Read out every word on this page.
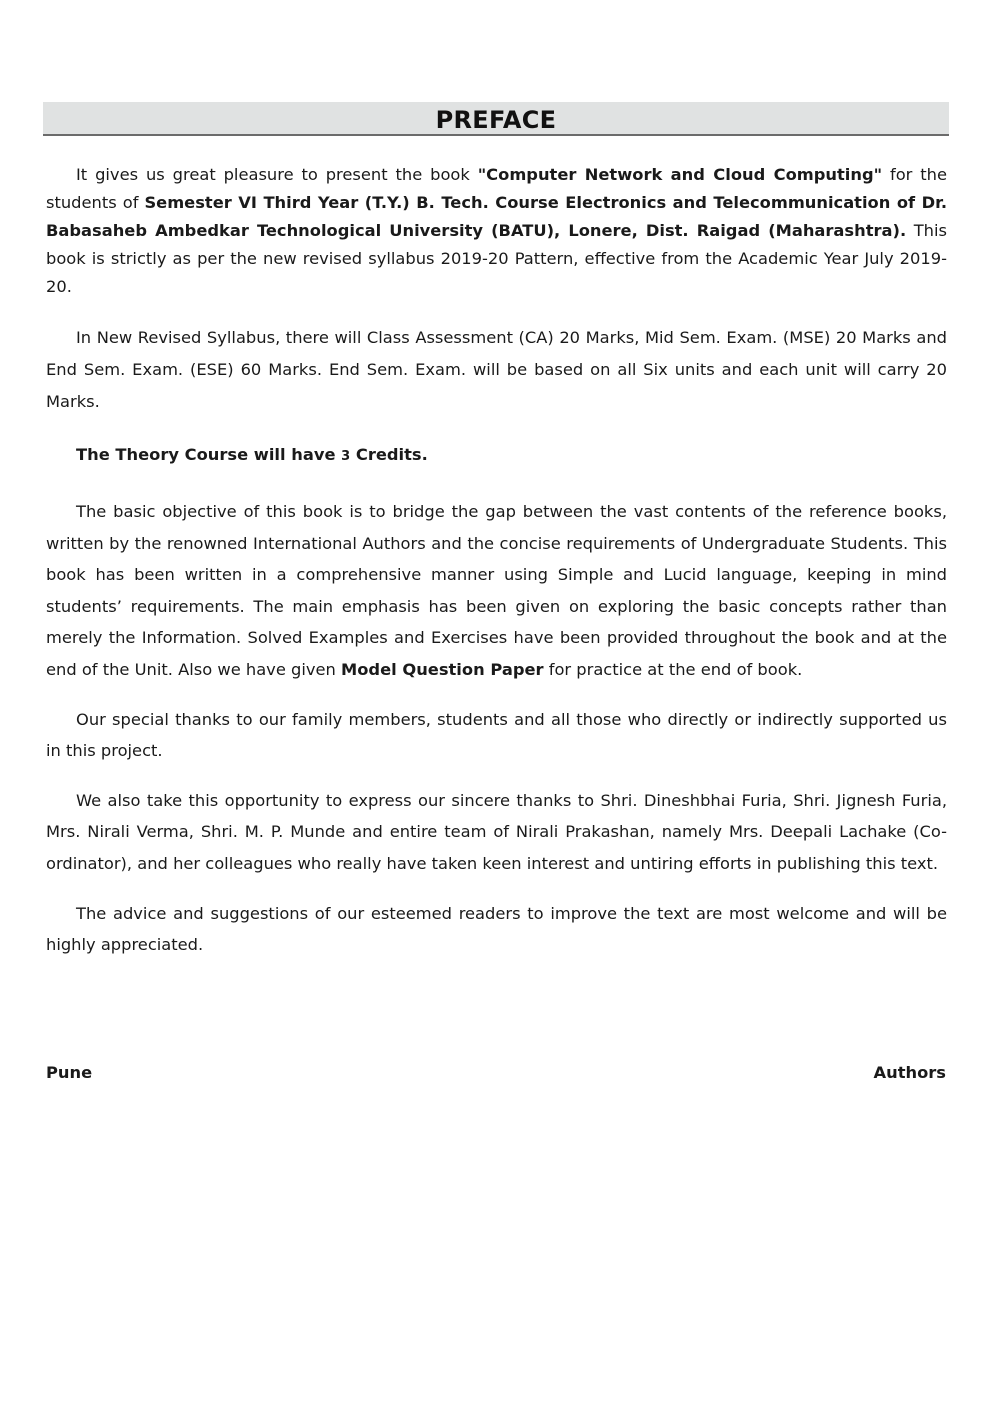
PREFACE

It gives us great pleasure to present the book "Computer Network and Cloud Computing" for the students of Semester VI Third Year (T.Y.) B. Tech. Course Electronics and Telecommunication of Dr. Babasaheb Ambedkar Technological University (BATU), Lonere, Dist. Raigad (Maharashtra). This book is strictly as per the new revised syllabus 2019-20 Pattern, effective from the Academic Year July 2019-20.

In New Revised Syllabus, there will Class Assessment (CA) 20 Marks, Mid Sem. Exam. (MSE) 20 Marks and End Sem. Exam. (ESE) 60 Marks. End Sem. Exam. will be based on all Six units and each unit will carry 20 Marks.

The Theory Course will have 3 Credits.

The basic objective of this book is to bridge the gap between the vast contents of the reference books, written by the renowned International Authors and the concise requirements of Undergraduate Students. This book has been written in a comprehensive manner using Simple and Lucid language, keeping in mind students’ requirements. The main emphasis has been given on exploring the basic concepts rather than merely the Information. Solved Examples and Exercises have been provided throughout the book and at the end of the Unit. Also we have given Model Question Paper for practice at the end of book.

Our special thanks to our family members, students and all those who directly or indirectly supported us in this project.

We also take this opportunity to express our sincere thanks to Shri. Dineshbhai Furia, Shri. Jignesh Furia, Mrs. Nirali Verma, Shri. M. P. Munde and entire team of Nirali Prakashan, namely Mrs. Deepali Lachake (Co-ordinator), and her colleagues who really have taken keen interest and untiring efforts in publishing this text.

The advice and suggestions of our esteemed readers to improve the text are most welcome and will be highly appreciated.

Pune	Authors
